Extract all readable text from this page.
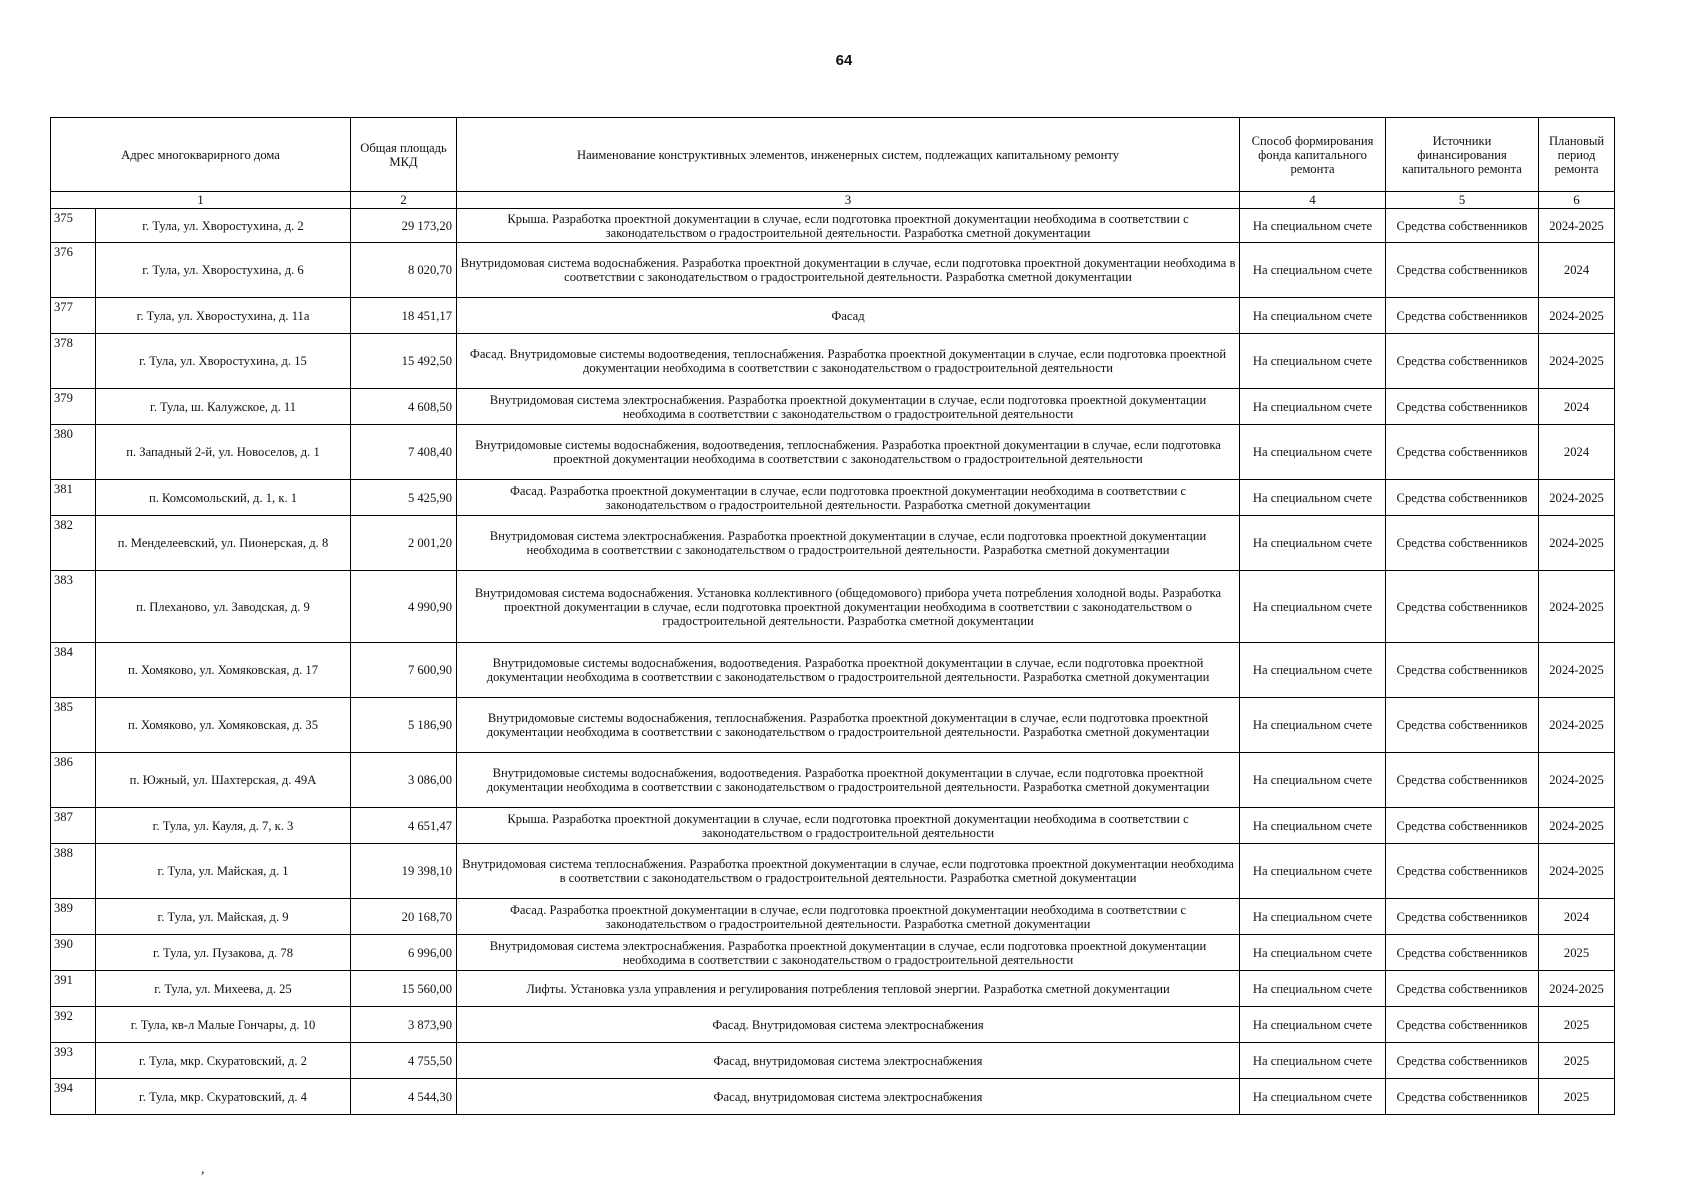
64
Адрес многокварирного дома		Общая площадь МКД	Наименование конструктивных элементов, инженерных систем, подлежащих капитальному ремонту	Способ формирования фонда капитального ремонта	Источники финансирования капитального ремонта	Плановый период ремонта
1		2	3	4	5	6
375	г. Тула, ул. Хворостухина, д. 2	29 173,20	Крыша. Разработка проектной документации в случае, если подготовка проектной документации необходима в соответствии с законодательством о градостроительной деятельности. Разработка сметной документации	На специальном счете	Средства собственников	2024-2025
376	г. Тула, ул. Хворостухина, д. 6	8 020,70	Внутридомовая система водоснабжения. Разработка проектной документации в случае, если подготовка проектной документации необходима в соответствии с законодательством о градостроительной деятельности. Разработка сметной документации	На специальном счете	Средства собственников	2024
377	г. Тула, ул. Хворостухина, д. 11а	18 451,17	Фасад	На специальном счете	Средства собственников	2024-2025
378	г. Тула, ул. Хворостухина, д. 15	15 492,50	Фасад. Внутридомовые системы водоотведения, теплоснабжения. Разработка проектной документации в случае, если подготовка проектной документации необходима в соответствии с законодательством о градостроительной деятельности	На специальном счете	Средства собственников	2024-2025
379	г. Тула, ш. Калужское, д. 11	4 608,50	Внутридомовая система электроснабжения. Разработка проектной документации в случае, если подготовка проектной документации необходима в соответствии с законодательством о градостроительной деятельности	На специальном счете	Средства собственников	2024
380	п. Западный 2-й, ул. Новоселов, д. 1	7 408,40	Внутридомовые системы водоснабжения, водоотведения, теплоснабжения. Разработка проектной документации в случае, если подготовка проектной документации необходима в соответствии с законодательством о градостроительной деятельности	На специальном счете	Средства собственников	2024
381	п. Комсомольский, д. 1, к. 1	5 425,90	Фасад. Разработка проектной документации в случае, если подготовка проектной документации необходима в соответствии с законодательством о градостроительной деятельности. Разработка сметной документации	На специальном счете	Средства собственников	2024-2025
382	п. Менделеевский, ул. Пионерская, д. 8	2 001,20	Внутридомовая система электроснабжения. Разработка проектной документации в случае, если подготовка проектной документации необходима в соответствии с законодательством о градостроительной деятельности. Разработка сметной документации	На специальном счете	Средства собственников	2024-2025
383	п. Плеханово, ул. Заводская, д. 9	4 990,90	Внутридомовая система водоснабжения. Установка коллективного (общедомового) прибора учета потребления холодной воды. Разработка проектной документации в случае, если подготовка проектной документации необходима в соответствии с законодательством о градостроительной деятельности. Разработка сметной документации	На специальном счете	Средства собственников	2024-2025
384	п. Хомяково, ул. Хомяковская, д. 17	7 600,90	Внутридомовые системы водоснабжения, водоотведения. Разработка проектной документации в случае, если подготовка проектной документации необходима в соответствии с законодательством о градостроительной деятельности. Разработка сметной документации	На специальном счете	Средства собственников	2024-2025
385	п. Хомяково, ул. Хомяковская, д. 35	5 186,90	Внутридомовые системы водоснабжения, теплоснабжения. Разработка проектной документации в случае, если подготовка проектной документации необходима в соответствии с законодательством о градостроительной деятельности. Разработка сметной документации	На специальном счете	Средства собственников	2024-2025
386	п. Южный, ул. Шахтерская, д. 49А	3 086,00	Внутридомовые системы водоснабжения, водоотведения. Разработка проектной документации в случае, если подготовка проектной документации необходима в соответствии с законодательством о градостроительной деятельности. Разработка сметной документации	На специальном счете	Средства собственников	2024-2025
387	г. Тула, ул. Кауля, д. 7, к. 3	4 651,47	Крыша. Разработка проектной документации в случае, если подготовка проектной документации необходима в соответствии с законодательством о градостроительной деятельности	На специальном счете	Средства собственников	2024-2025
388	г. Тула, ул. Майская, д. 1	19 398,10	Внутридомовая система теплоснабжения. Разработка проектной документации в случае, если подготовка проектной документации необходима в соответствии с законодательством о градостроительной деятельности. Разработка сметной документации	На специальном счете	Средства собственников	2024-2025
389	г. Тула, ул. Майская, д. 9	20 168,70	Фасад. Разработка проектной документации в случае, если подготовка проектной документации необходима в соответствии с законодательством о градостроительной деятельности. Разработка сметной документации	На специальном счете	Средства собственников	2024
390	г. Тула, ул. Пузакова, д. 78	6 996,00	Внутридомовая система электроснабжения. Разработка проектной документации в случае, если подготовка проектной документации необходима в соответствии с законодательством о градостроительной деятельности	На специальном счете	Средства собственников	2025
391	г. Тула, ул. Михеева, д. 25	15 560,00	Лифты. Установка узла управления и регулирования потребления тепловой энергии. Разработка сметной документации	На специальном счете	Средства собственников	2024-2025
392	г. Тула, кв-л Малые Гончары, д. 10	3 873,90	Фасад. Внутридомовая система электроснабжения	На специальном счете	Средства собственников	2025
393	г. Тула, мкр. Скуратовский, д. 2	4 755,50	Фасад, внутридомовая система электроснабжения	На специальном счете	Средства собственников	2025
394	г. Тула, мкр. Скуратовский, д. 4	4 544,30	Фасад, внутридомовая система электроснабжения	На специальном счете	Средства собственников	2025
,
